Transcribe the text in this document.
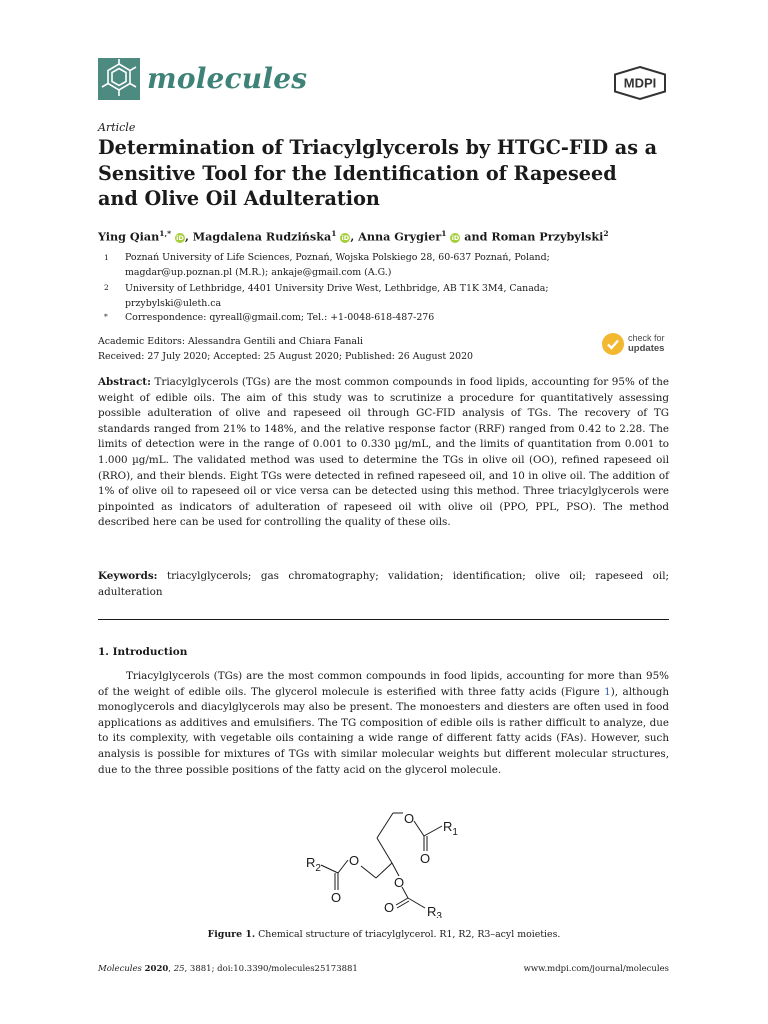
molecules	MDPI
Article
Determination of Triacylglycerols by HTGC-FID as a Sensitive Tool for the Identification of Rapeseed and Olive Oil Adulteration
Ying Qian$^{1,*}$ iD, Magdalena Rudzińska$^1$ iD, Anna Grygier$^1$ iD and Roman Przybylski$^2$
1 Poznań University of Life Sciences, Poznań, Wojska Polskiego 28, 60-637 Poznań, Poland;
magdar@up.poznan.pl (M.R.); ankaje@gmail.com (A.G.)
2 University of Lethbridge, 4401 University Drive West, Lethbridge, AB T1K 3M4, Canada;
przybylski@uleth.ca
* Correspondence: qyreall@gmail.com; Tel.: +1-0048-618-487-276
Academic Editors: Alessandra Gentili and Chiara Fanali
Received: 27 July 2020; Accepted: 25 August 2020; Published: 26 August 2020
check for
updates
Abstract: Triacylglycerols (TGs) are the most common compounds in food lipids, accounting for 95% of the weight of edible oils. The aim of this study was to scrutinize a procedure for quantitatively assessing possible adulteration of olive and rapeseed oil through GC-FID analysis of TGs. The recovery of TG standards ranged from 21% to 148%, and the relative response factor (RRF) ranged from 0.42 to 2.28. The limits of detection were in the range of 0.001 to 0.330 µg/mL, and the limits of quantitation from 0.001 to 1.000 µg/mL. The validated method was used to determine the TGs in olive oil (OO), refined rapeseed oil (RRO), and their blends. Eight TGs were detected in refined rapeseed oil, and 10 in olive oil. The addition of 1% of olive oil to rapeseed oil or vice versa can be detected using this method. Three triacylglycerols were pinpointed as indicators of adulteration of rapeseed oil with olive oil (PPO, PPL, PSO). The method described here can be used for controlling the quality of these oils.
Keywords: triacylglycerols; gas chromatography; validation; identification; olive oil; rapeseed oil; adulteration
1. Introduction
Triacylglycerols (TGs) are the most common compounds in food lipids, accounting for more than 95% of the weight of edible oils. The glycerol molecule is esterified with three fatty acids (Figure 1), although monoglycerols and diacylglycerols may also be present. The monoesters and diesters are often used in food applications as additives and emulsifiers. The TG composition of edible oils is rather difficult to analyze, due to its complexity, with vegetable oils containing a wide range of different fatty acids (FAs). However, such analysis is possible for mixtures of TGs with similar molecular weights but different molecular structures, due to the three possible positions of the fatty acid on the glycerol molecule.
O
O
$R_1$
O
O
$R_2$
O
O	$R_3$
Figure 1. Chemical structure of triacylglycerol. R1, R2, R3–acyl moieties.
Molecules 2020, 25, 3881; doi:10.3390/molecules25173881	www.mdpi.com/journal/molecules
